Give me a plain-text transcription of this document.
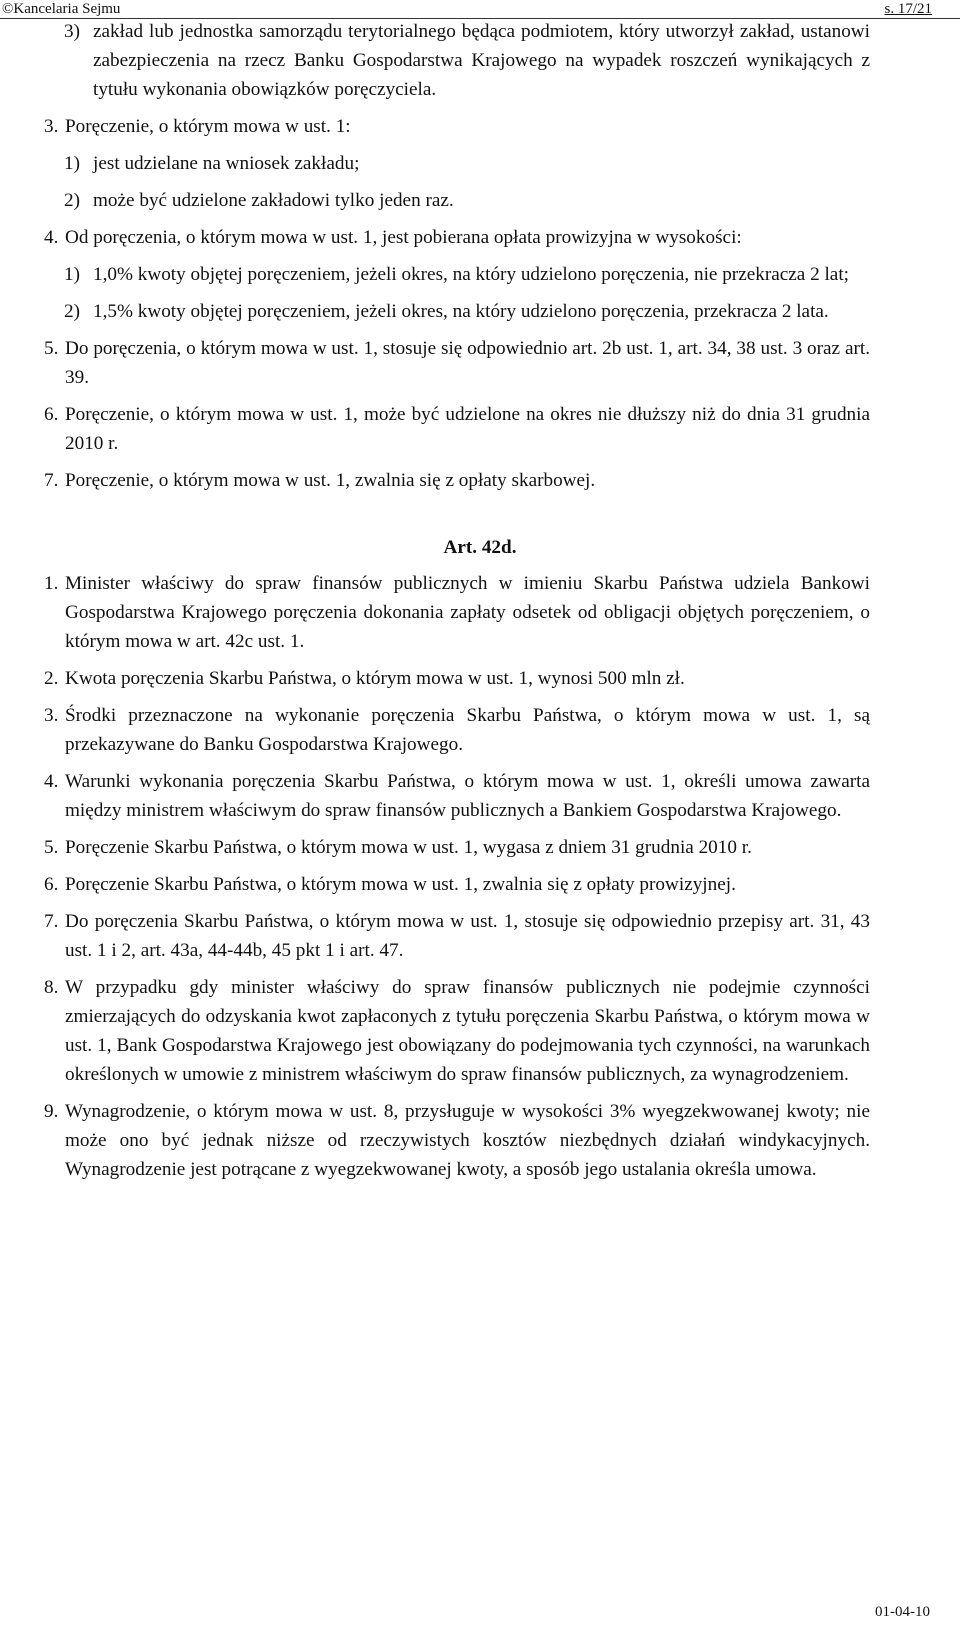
©Kancelaria Sejmu	s. 17/21
3) zakład lub jednostka samorządu terytorialnego będąca podmiotem, który utworzył zakład, ustanowi zabezpieczenia na rzecz Banku Gospodarstwa Krajowego na wypadek roszczeń wynikających z tytułu wykonania obowiązków poręczyciela.
3. Poręczenie, o którym mowa w ust. 1:
1) jest udzielane na wniosek zakładu;
2) może być udzielone zakładowi tylko jeden raz.
4. Od poręczenia, o którym mowa w ust. 1, jest pobierana opłata prowizyjna w wysokości:
1) 1,0% kwoty objętej poręczeniem, jeżeli okres, na który udzielono poręczenia, nie przekracza 2 lat;
2) 1,5% kwoty objętej poręczeniem, jeżeli okres, na który udzielono poręczenia, przekracza 2 lata.
5. Do poręczenia, o którym mowa w ust. 1, stosuje się odpowiednio art. 2b ust. 1, art. 34, 38 ust. 3 oraz art. 39.
6. Poręczenie, o którym mowa w ust. 1, może być udzielone na okres nie dłuższy niż do dnia 31 grudnia 2010 r.
7. Poręczenie, o którym mowa w ust. 1, zwalnia się z opłaty skarbowej.
Art. 42d.
1. Minister właściwy do spraw finansów publicznych w imieniu Skarbu Państwa udziela Bankowi Gospodarstwa Krajowego poręczenia dokonania zapłaty odsetek od obligacji objętych poręczeniem, o którym mowa w art. 42c ust. 1.
2. Kwota poręczenia Skarbu Państwa, o którym mowa w ust. 1, wynosi 500 mln zł.
3. Środki przeznaczone na wykonanie poręczenia Skarbu Państwa, o którym mowa w ust. 1, są przekazywane do Banku Gospodarstwa Krajowego.
4. Warunki wykonania poręczenia Skarbu Państwa, o którym mowa w ust. 1, określi umowa zawarta między ministrem właściwym do spraw finansów publicznych a Bankiem Gospodarstwa Krajowego.
5. Poręczenie Skarbu Państwa, o którym mowa w ust. 1, wygasa z dniem 31 grudnia 2010 r.
6. Poręczenie Skarbu Państwa, o którym mowa w ust. 1, zwalnia się z opłaty prowizyjnej.
7. Do poręczenia Skarbu Państwa, o którym mowa w ust. 1, stosuje się odpowiednio przepisy art. 31, 43 ust. 1 i 2, art. 43a, 44-44b, 45 pkt 1 i art. 47.
8. W przypadku gdy minister właściwy do spraw finansów publicznych nie podejmie czynności zmierzających do odzyskania kwot zapłaconych z tytułu poręczenia Skarbu Państwa, o którym mowa w ust. 1, Bank Gospodarstwa Krajowego jest obowiązany do podejmowania tych czynności, na warunkach określonych w umowie z ministrem właściwym do spraw finansów publicznych, za wynagrodzeniem.
9. Wynagrodzenie, o którym mowa w ust. 8, przysługuje w wysokości 3% wyegzekwowanej kwoty; nie może ono być jednak niższe od rzeczywistych kosztów niezbędnych działań windykacyjnych. Wynagrodzenie jest potrącane z wyegzekwowanej kwoty, a sposób jego ustalania określa umowa.
01-04-10
